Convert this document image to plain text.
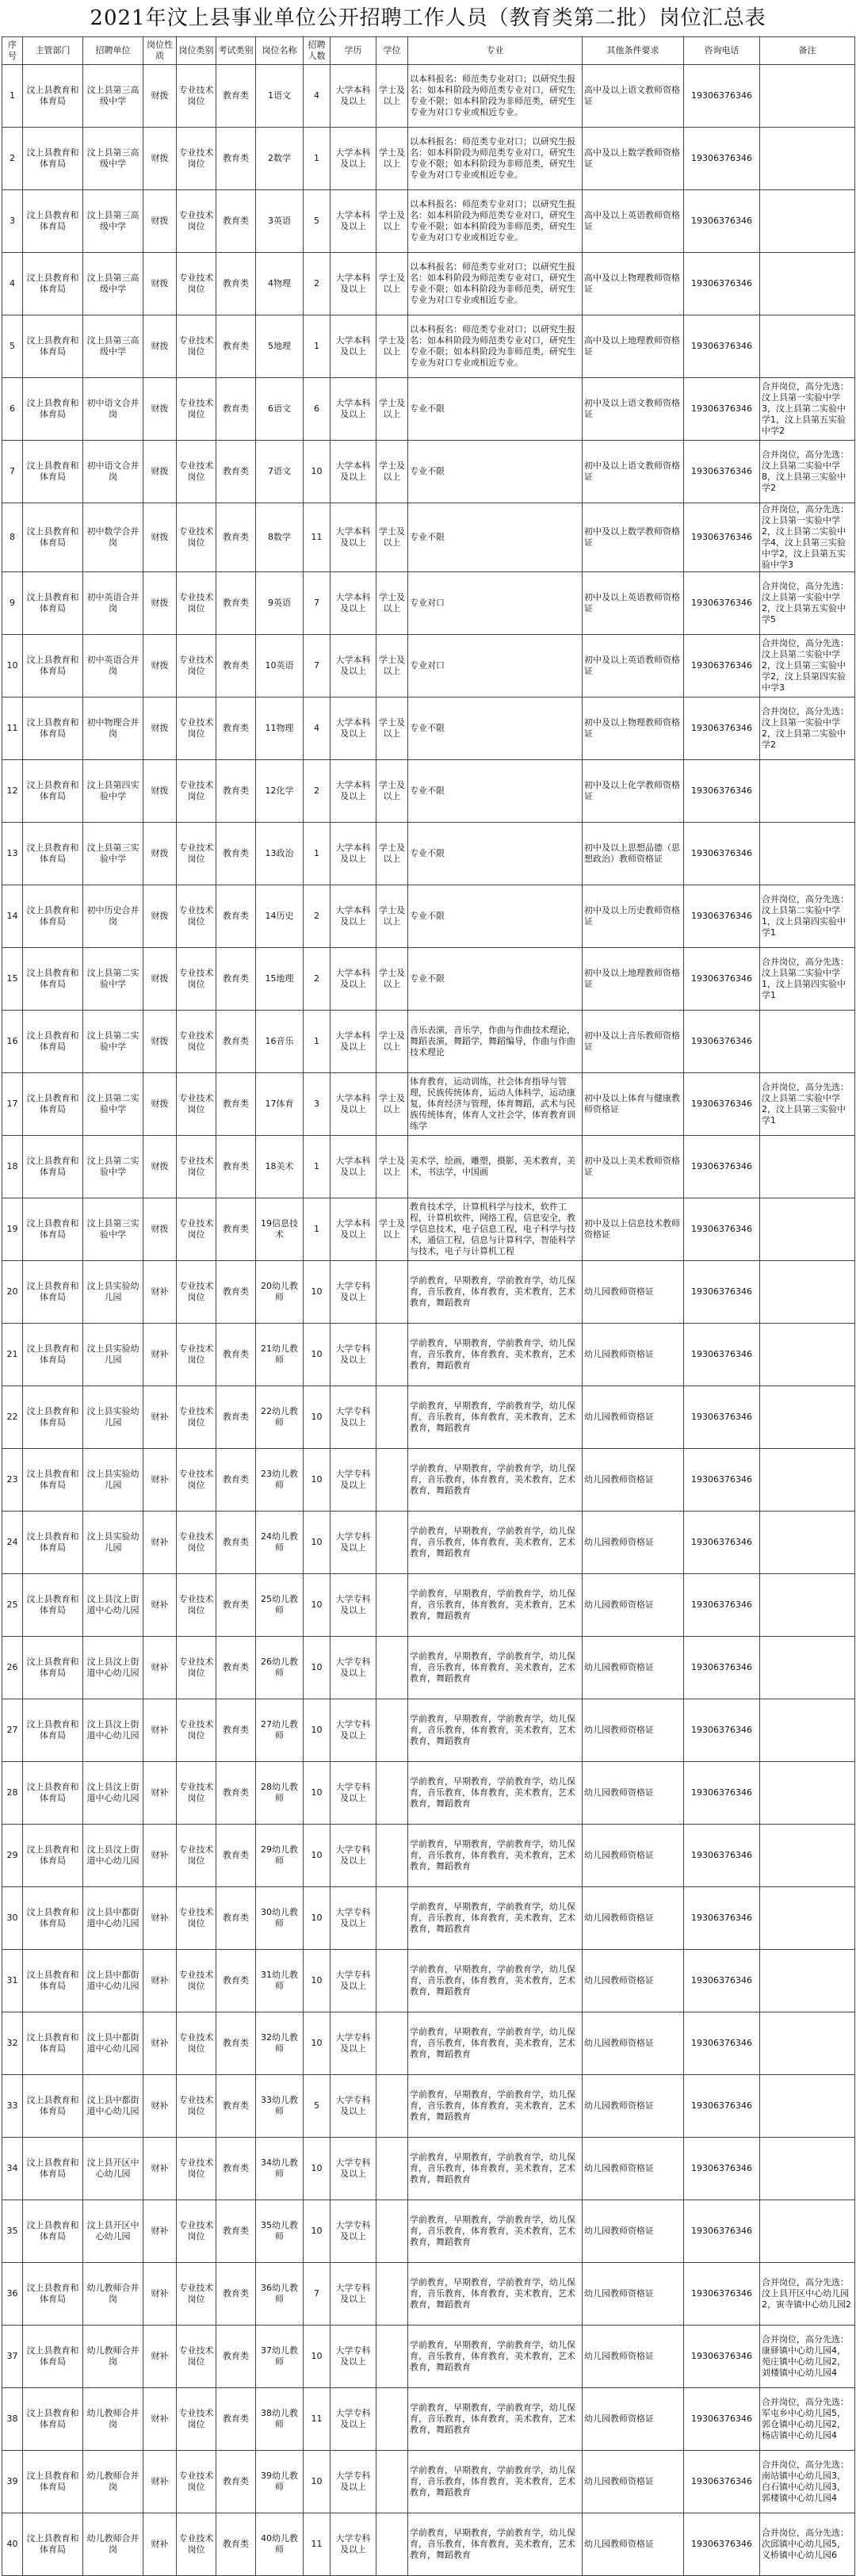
2021年汶上县事业单位公开招聘工作人员（教育类第二批）岗位汇总表
序号	主管部门	招聘单位	岗位性质	岗位类别	考试类别	岗位名称	招聘人数	学历	学位	专业	其他条件要求	咨询电话	备注
1	汶上县教育和体育局	汶上县第三高级中学	财拨	专业技术岗位	教育类	1语文	4	大学本科及以上	学士及以上	以本科报名：师范类专业对口；以研究生报名：如本科阶段为师范类专业对口，研究生专业不限；如本科阶段为非师范类，研究生专业为对口专业或相近专业。	高中及以上语文教师资格证	19306376346	
2	汶上县教育和体育局	汶上县第三高级中学	财拨	专业技术岗位	教育类	2数学	1	大学本科及以上	学士及以上	以本科报名：师范类专业对口；以研究生报名：如本科阶段为师范类专业对口，研究生专业不限；如本科阶段为非师范类，研究生专业为对口专业或相近专业。	高中及以上数学教师资格证	19306376346	
3	汶上县教育和体育局	汶上县第三高级中学	财拨	专业技术岗位	教育类	3英语	5	大学本科及以上	学士及以上	以本科报名：师范类专业对口；以研究生报名：如本科阶段为师范类专业对口，研究生专业不限；如本科阶段为非师范类，研究生专业为对口专业或相近专业。	高中及以上英语教师资格证	19306376346	
4	汶上县教育和体育局	汶上县第三高级中学	财拨	专业技术岗位	教育类	4物理	2	大学本科及以上	学士及以上	以本科报名：师范类专业对口；以研究生报名：如本科阶段为师范类专业对口，研究生专业不限；如本科阶段为非师范类，研究生专业为对口专业或相近专业。	高中及以上物理教师资格证	19306376346	
5	汶上县教育和体育局	汶上县第三高级中学	财拨	专业技术岗位	教育类	5地理	1	大学本科及以上	学士及以上	以本科报名：师范类专业对口；以研究生报名：如本科阶段为师范类专业对口，研究生专业不限；如本科阶段为非师范类，研究生专业为对口专业或相近专业。	高中及以上地理教师资格证	19306376346	
6	汶上县教育和体育局	初中语文合并岗	财拨	专业技术岗位	教育类	6语文	6	大学本科及以上	学士及以上	专业不限	初中及以上语文教师资格证	19306376346	合并岗位，高分先选：汶上县第一实验中学3，汶上县第二实验中学1，汶上县第五实验中学2
7	汶上县教育和体育局	初中语文合并岗	财拨	专业技术岗位	教育类	7语文	10	大学本科及以上	学士及以上	专业不限	初中及以上语文教师资格证	19306376346	合并岗位，高分先选：汶上县第二实验中学8，汶上县第三实验中学2
8	汶上县教育和体育局	初中数学合并岗	财拨	专业技术岗位	教育类	8数学	11	大学本科及以上	学士及以上	专业不限	初中及以上数学教师资格证	19306376346	合并岗位，高分先选：汶上县第一实验中学2，汶上县第二实验中学4，汶上县第三实验中学2，汶上县第五实验中学3
9	汶上县教育和体育局	初中英语合并岗	财拨	专业技术岗位	教育类	9英语	7	大学本科及以上	学士及以上	专业对口	初中及以上英语教师资格证	19306376346	合并岗位，高分先选：汶上县第一实验中学2，汶上县第五实验中学5
10	汶上县教育和体育局	初中英语合并岗	财拨	专业技术岗位	教育类	10英语	7	大学本科及以上	学士及以上	专业对口	初中及以上英语教师资格证	19306376346	合并岗位，高分先选：汶上县第二实验中学2，汶上县第三实验中学2，汶上县第四实验中学3
11	汶上县教育和体育局	初中物理合并岗	财拨	专业技术岗位	教育类	11物理	4	大学本科及以上	学士及以上	专业不限	初中及以上物理教师资格证	19306376346	合并岗位，高分先选：汶上县第一实验中学2，汶上县第二实验中学2
12	汶上县教育和体育局	汶上县第四实验中学	财拨	专业技术岗位	教育类	12化学	2	大学本科及以上	学士及以上	专业不限	初中及以上化学教师资格证	19306376346	
13	汶上县教育和体育局	汶上县第三实验中学	财拨	专业技术岗位	教育类	13政治	1	大学本科及以上	学士及以上	专业不限	初中及以上思想品德（思想政治）教师资格证	19306376346	
14	汶上县教育和体育局	初中历史合并岗	财拨	专业技术岗位	教育类	14历史	2	大学本科及以上	学士及以上	专业不限	初中及以上历史教师资格证	19306376346	合并岗位，高分先选：汶上县第二实验中学1，汶上县第四实验中学1
15	汶上县教育和体育局	汶上县第二实验中学	财拨	专业技术岗位	教育类	15地理	2	大学本科及以上	学士及以上	专业不限	初中及以上地理教师资格证	19306376346	合并岗位，高分先选：汶上县第二实验中学1，汶上县第四实验中学1
16	汶上县教育和体育局	汶上县第二实验中学	财拨	专业技术岗位	教育类	16音乐	1	大学本科及以上	学士及以上	音乐表演，音乐学，作曲与作曲技术理论，舞蹈表演，舞蹈学，舞蹈编导，作曲与作曲技术理论	初中及以上音乐教师资格证	19306376346	
17	汶上县教育和体育局	汶上县第二实验中学	财拨	专业技术岗位	教育类	17体育	3	大学本科及以上	学士及以上	体育教育，运动训练，社会体育指导与管理，民族传统体育，运动人体科学，运动康复，体育经济与管理，体育舞蹈，武术与民族传统体育，体育人文社会学，体育教育训练学	初中及以上体育与健康教师资格证	19306376346	合并岗位，高分先选：汶上县第二实验中学2，汶上县第三实验中学1
18	汶上县教育和体育局	汶上县第二实验中学	财拨	专业技术岗位	教育类	18美术	1	大学本科及以上	学士及以上	美术学，绘画，雕塑，摄影，美术教育，美术，书法学，中国画	初中及以上美术教师资格证	19306376346	
19	汶上县教育和体育局	汶上县第三实验中学	财拨	专业技术岗位	教育类	19信息技术	1	大学本科及以上	学士及以上	教育技术学，计算机科学与技术，软件工程，计算机软件，网络工程，信息安全，教学信息技术，电子信息工程，电子科学与技术，通信工程，信息与计算科学，智能科学与技术，电子与计算机工程	初中及以上信息技术教师资格证	19306376346	
20	汶上县教育和体育局	汶上县实验幼儿园	财补	专业技术岗位	教育类	20幼儿教师	10	大学专科及以上		学前教育，早期教育，学前教育学，幼儿保育，音乐教育，体育教育，美术教育，艺术教育，舞蹈教育	幼儿园教师资格证	19306376346	
21	汶上县教育和体育局	汶上县实验幼儿园	财补	专业技术岗位	教育类	21幼儿教师	10	大学专科及以上		学前教育，早期教育，学前教育学，幼儿保育，音乐教育，体育教育，美术教育，艺术教育，舞蹈教育	幼儿园教师资格证	19306376346	
22	汶上县教育和体育局	汶上县实验幼儿园	财补	专业技术岗位	教育类	22幼儿教师	10	大学专科及以上		学前教育，早期教育，学前教育学，幼儿保育，音乐教育，体育教育，美术教育，艺术教育，舞蹈教育	幼儿园教师资格证	19306376346	
23	汶上县教育和体育局	汶上县实验幼儿园	财补	专业技术岗位	教育类	23幼儿教师	10	大学专科及以上		学前教育，早期教育，学前教育学，幼儿保育，音乐教育，体育教育，美术教育，艺术教育，舞蹈教育	幼儿园教师资格证	19306376346	
24	汶上县教育和体育局	汶上县实验幼儿园	财补	专业技术岗位	教育类	24幼儿教师	10	大学专科及以上		学前教育，早期教育，学前教育学，幼儿保育，音乐教育，体育教育，美术教育，艺术教育，舞蹈教育	幼儿园教师资格证	19306376346	
25	汶上县教育和体育局	汶上县汶上街道中心幼儿园	财补	专业技术岗位	教育类	25幼儿教师	10	大学专科及以上		学前教育，早期教育，学前教育学，幼儿保育，音乐教育，体育教育，美术教育，艺术教育，舞蹈教育	幼儿园教师资格证	19306376346	
26	汶上县教育和体育局	汶上县汶上街道中心幼儿园	财补	专业技术岗位	教育类	26幼儿教师	10	大学专科及以上		学前教育，早期教育，学前教育学，幼儿保育，音乐教育，体育教育，美术教育，艺术教育，舞蹈教育	幼儿园教师资格证	19306376346	
27	汶上县教育和体育局	汶上县汶上街道中心幼儿园	财补	专业技术岗位	教育类	27幼儿教师	10	大学专科及以上		学前教育，早期教育，学前教育学，幼儿保育，音乐教育，体育教育，美术教育，艺术教育，舞蹈教育	幼儿园教师资格证	19306376346	
28	汶上县教育和体育局	汶上县汶上街道中心幼儿园	财补	专业技术岗位	教育类	28幼儿教师	10	大学专科及以上		学前教育，早期教育，学前教育学，幼儿保育，音乐教育，体育教育，美术教育，艺术教育，舞蹈教育	幼儿园教师资格证	19306376346	
29	汶上县教育和体育局	汶上县汶上街道中心幼儿园	财补	专业技术岗位	教育类	29幼儿教师	10	大学专科及以上		学前教育，早期教育，学前教育学，幼儿保育，音乐教育，体育教育，美术教育，艺术教育，舞蹈教育	幼儿园教师资格证	19306376346	
30	汶上县教育和体育局	汶上县中都街道中心幼儿园	财补	专业技术岗位	教育类	30幼儿教师	10	大学专科及以上		学前教育，早期教育，学前教育学，幼儿保育，音乐教育，体育教育，美术教育，艺术教育，舞蹈教育	幼儿园教师资格证	19306376346	
31	汶上县教育和体育局	汶上县中都街道中心幼儿园	财补	专业技术岗位	教育类	31幼儿教师	10	大学专科及以上		学前教育，早期教育，学前教育学，幼儿保育，音乐教育，体育教育，美术教育，艺术教育，舞蹈教育	幼儿园教师资格证	19306376346	
32	汶上县教育和体育局	汶上县中都街道中心幼儿园	财补	专业技术岗位	教育类	32幼儿教师	10	大学专科及以上		学前教育，早期教育，学前教育学，幼儿保育，音乐教育，体育教育，美术教育，艺术教育，舞蹈教育	幼儿园教师资格证	19306376346	
33	汶上县教育和体育局	汶上县中都街道中心幼儿园	财补	专业技术岗位	教育类	33幼儿教师	5	大学专科及以上		学前教育，早期教育，学前教育学，幼儿保育，音乐教育，体育教育，美术教育，艺术教育，舞蹈教育	幼儿园教师资格证	19306376346	
34	汶上县教育和体育局	汶上县开区中心幼儿园	财补	专业技术岗位	教育类	34幼儿教师	10	大学专科及以上		学前教育，早期教育，学前教育学，幼儿保育，音乐教育，体育教育，美术教育，艺术教育，舞蹈教育	幼儿园教师资格证	19306376346	
35	汶上县教育和体育局	汶上县开区中心幼儿园	财补	专业技术岗位	教育类	35幼儿教师	10	大学专科及以上		学前教育，早期教育，学前教育学，幼儿保育，音乐教育，体育教育，美术教育，艺术教育，舞蹈教育	幼儿园教师资格证	19306376346	
36	汶上县教育和体育局	幼儿教师合并岗	财补	专业技术岗位	教育类	36幼儿教师	7	大学专科及以上		学前教育，早期教育，学前教育学，幼儿保育，音乐教育，体育教育，美术教育，艺术教育，舞蹈教育	幼儿园教师资格证	19306376346	合并岗位，高分先选：汶上县开区中心幼儿园2，寅寺镇中心幼儿园2
37	汶上县教育和体育局	幼儿教师合并岗	财补	专业技术岗位	教育类	37幼儿教师	10	大学专科及以上		学前教育，早期教育，学前教育学，幼儿保育，音乐教育，体育教育，美术教育，艺术教育，舞蹈教育	幼儿园教师资格证	19306376346	合并岗位，高分先选：康驿镇中心幼儿园4，苑庄镇中心幼儿园2，刘楼镇中心幼儿园4
38	汶上县教育和体育局	幼儿教师合并岗	财补	专业技术岗位	教育类	38幼儿教师	11	大学专科及以上		学前教育，早期教育，学前教育学，幼儿保育，音乐教育，体育教育，美术教育，艺术教育，舞蹈教育	幼儿园教师资格证	19306376346	合并岗位，高分先选：军屯乡中心幼儿园5，郭仓镇中心幼儿园2，杨店镇中心幼儿园4
39	汶上县教育和体育局	幼儿教师合并岗	财补	专业技术岗位	教育类	39幼儿教师	10	大学专科及以上		学前教育，早期教育，学前教育学，幼儿保育，音乐教育，体育教育，美术教育，艺术教育，舞蹈教育	幼儿园教师资格证	19306376346	合并岗位，高分先选：南站镇中心幼儿园3，白石镇中心幼儿园3，郭楼镇中心幼儿园4
40	汶上县教育和体育局	幼儿教师合并岗	财补	专业技术岗位	教育类	40幼儿教师	11	大学专科及以上		学前教育，早期教育，学前教育学，幼儿保育，音乐教育，体育教育，美术教育，艺术教育，舞蹈教育	幼儿园教师资格证	19306376346	合并岗位，高分先选：次邱镇中心幼儿园5，义桥镇中心幼儿园6
